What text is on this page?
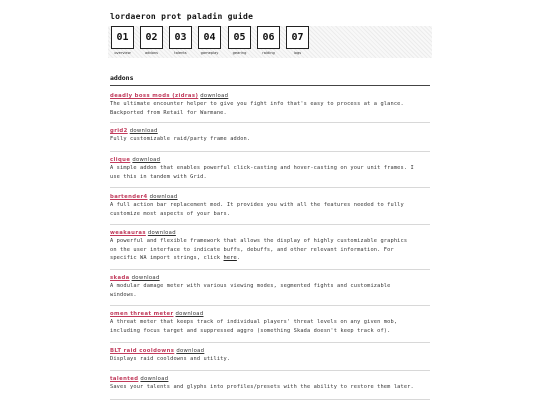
lordaeron prot paladin guide
01
overview
02
addons
03
talents
04
gameplay
05
gearing
06
raiding
07
logs
addons
deadly boss mods (zidras) download
The ultimate encounter helper to give you fight info that's easy to process at a glance.
Backported from Retail for Warmane.
grid2 download
Fully customizable raid/party frame addon.
clique download
A simple addon that enables powerful click-casting and hover-casting on your unit frames. I
use this in tandem with Grid.
bartender4 download
A full action bar replacement mod. It provides you with all the features needed to fully
customize most aspects of your bars.
weakauras download
A powerful and flexible framework that allows the display of highly customizable graphics
on the user interface to indicate buffs, debuffs, and other relevant information. For
specific WA import strings, click here.
skada download
A modular damage meter with various viewing modes, segmented fights and customizable
windows.
omen threat meter download
A threat meter that keeps track of individual players' threat levels on any given mob,
including focus target and suppressed aggro (something Skada doesn't keep track of).
BLT raid cooldowns download
Displays raid cooldowns and utility.
talented download
Saves your talents and glyphs into profiles/presets with the ability to restore them later.
